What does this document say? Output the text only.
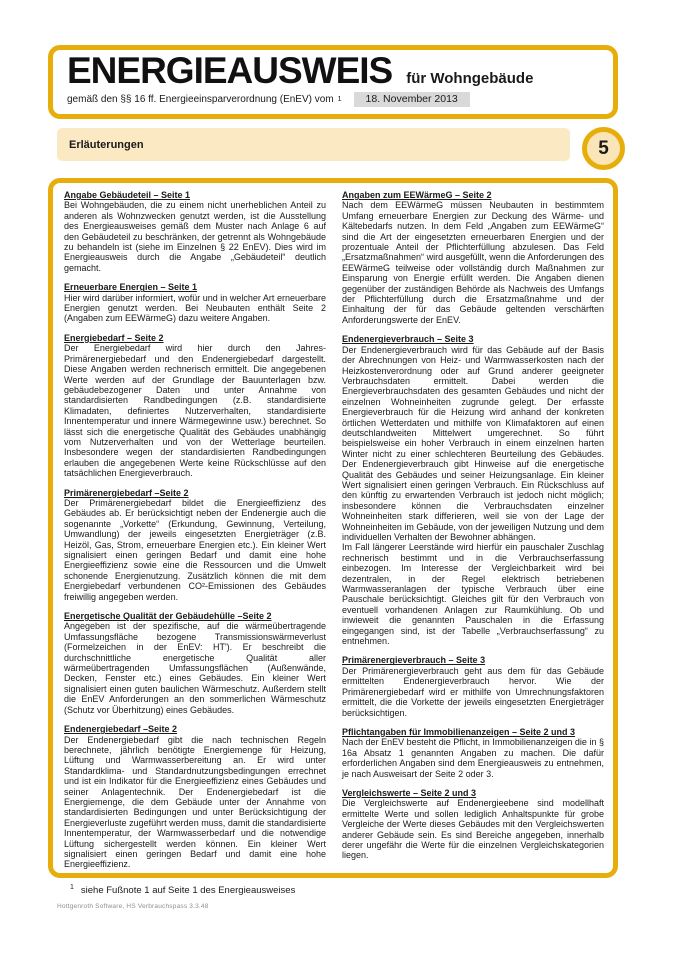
ENERGIEAUSWEIS für Wohngebäude
gemäß den §§ 16 ff. Energieeinsparverordnung (EnEV) vom 1	18. November 2013
Erläuterungen	5
Angabe Gebäudeteil – Seite 1

Bei Wohngebäuden, die zu einem nicht unerheblichen Anteil zu anderen als Wohnzwecken genutzt werden, ist die Ausstellung des Energieausweises gemäß dem Muster nach Anlage 6 auf den Gebäudeteil zu beschränken, der getrennt als Wohngebäude zu behandeln ist (siehe im Einzelnen § 22 EnEV). Dies wird im Energieausweis durch die Angabe „Gebäudeteil“ deutlich gemacht.

Erneuerbare Energien – Seite 1

Hier wird darüber informiert, wofür und in welcher Art erneuerbare Energien genutzt werden. Bei Neubauten enthält Seite 2 (Angaben zum EEWärmeG) dazu weitere Angaben.

Energiebedarf – Seite 2

Der Energiebedarf wird hier durch den Jahres-Primärenergiebedarf und den Endenergiebedarf dargestellt. Diese Angaben werden rechnerisch ermittelt. Die angegebenen Werte werden auf der Grundlage der Bauunterlagen bzw. gebäudebezogener Daten und unter Annahme von standardisierten Randbedingungen (z.B. standardisierte Klimadaten, definiertes Nutzerverhalten, standardisierte Innentemperatur und innere Wärmegewinne usw.) berechnet. So lässt sich die energetische Qualität des Gebäudes unabhängig vom Nutzerverhalten und von der Wetterlage beurteilen. Insbesondere wegen der standardisierten Randbedingungen erlauben die angegebenen Werte keine Rückschlüsse auf den tatsächlichen Energieverbrauch.

Primärenergiebedarf –Seite 2

Der Primärenergiebedarf bildet die Energieeffizienz des Gebäudes ab. Er berücksichtigt neben der Endenergie auch die sogenannte „Vorkette“ (Erkundung, Gewinnung, Verteilung, Umwandlung) der jeweils eingesetzten Energieträger (z.B. Heizöl, Gas, Strom, erneuerbare Energien etc.). Ein kleiner Wert signalisiert einen geringen Bedarf und damit eine hohe Energieeffizienz sowie eine die Ressourcen und die Umwelt schonende Energienutzung. Zusätzlich können die mit dem Energiebedarf verbundenen CO²-Emissionen des Gebäudes freiwillig angegeben werden.

Energetische Qualität der Gebäudehülle –Seite 2

Angegeben ist der spezifische, auf die wärmeübertragende Umfassungsfläche bezogene Transmissionswärmeverlust (Formelzeichen in der EnEV: HT'). Er beschreibt die durchschnittliche energetische Qualität aller wärmeübertragenden Umfassungsflächen (Außenwände, Decken, Fenster etc.) eines Gebäudes. Ein kleiner Wert signalisiert einen guten baulichen Wärmeschutz. Außerdem stellt die EnEV Anforderungen an den sommerlichen Wärmeschutz (Schutz vor Überhitzung) eines Gebäudes.

Endenergiebedarf –Seite 2

Der Endenergiebedarf gibt die nach technischen Regeln berechnete, jährlich benötigte Energiemenge für Heizung, Lüftung und Warmwasserbereitung an. Er wird unter Standardklima- und Standardnutzungsbedingungen errechnet und ist ein Indikator für die Energieeffizienz eines Gebäudes und seiner Anlagentechnik. Der Endenergiebedarf ist die Energiemenge, die dem Gebäude unter der Annahme von standardisierten Bedingungen und unter Berücksichtigung der Energieverluste zugeführt werden muss, damit die standardisierte Innentemperatur, der Warmwasserbedarf und die notwendige Lüftung sichergestellt werden können. Ein kleiner Wert signalisiert einen geringen Bedarf und damit eine hohe Energieeffizienz.

Angaben zum EEWärmeG – Seite 2

Nach dem EEWärmeG müssen Neubauten in bestimmtem Umfang erneuerbare Energien zur Deckung des Wärme- und Kältebedarfs nutzen. In dem Feld „Angaben zum EEWärmeG“ sind die Art der eingesetzten erneuerbaren Energien und der prozentuale Anteil der Pflichterfüllung abzulesen. Das Feld „Ersatzmaßnahmen“ wird ausgefüllt, wenn die Anforderungen des EEWärmeG teilweise oder vollständig durch Maßnahmen zur Einsparung von Energie erfüllt werden. Die Angaben dienen gegenüber der zuständigen Behörde als Nachweis des Umfangs der Pflichterfüllung durch die Ersatzmaßnahme und der Einhaltung der für das Gebäude geltenden verschärften Anforderungswerte der EnEV.

Endenergieverbrauch – Seite 3

Der Endenergieverbrauch wird für das Gebäude auf der Basis der Abrechnungen von Heiz- und Warmwasserkosten nach der Heizkostenverordnung oder auf Grund anderer geeigneter Verbrauchsdaten ermittelt. Dabei werden die Energieverbrauchsdaten des gesamten Gebäudes und nicht der einzelnen Wohneinheiten zugrunde gelegt. Der erfasste Energieverbrauch für die Heizung wird anhand der konkreten örtlichen Wetterdaten und mithilfe von Klimafaktoren auf einen deutschlandweiten Mittelwert umgerechnet. So führt beispielsweise ein hoher Verbrauch in einem einzelnen harten Winter nicht zu einer schlechteren Beurteilung des Gebäudes. Der Endenergieverbrauch gibt Hinweise auf die energetische Qualität des Gebäudes und seiner Heizungsanlage. Ein kleiner Wert signalisiert einen geringen Verbrauch. Ein Rückschluss auf den künftig zu erwartenden Verbrauch ist jedoch nicht möglich; insbesondere können die Verbrauchsdaten einzelner Wohneinheiten stark differieren, weil sie von der Lage der Wohneinheiten im Gebäude, von der jeweiligen Nutzung und dem individuellen Verhalten der Bewohner abhängen.

Im Fall längerer Leerstände wird hierfür ein pauschaler Zuschlag rechnerisch bestimmt und in die Verbrauchserfassung einbezogen. Im Interesse der Vergleichbarkeit wird bei dezentralen, in der Regel elektrisch betriebenen Warmwasseranlagen der typische Verbrauch über eine Pauschale berücksichtigt. Gleiches gilt für den Verbrauch von eventuell vorhandenen Anlagen zur Raumkühlung. Ob und inwieweit die genannten Pauschalen in die Erfassung eingegangen sind, ist der Tabelle „Verbrauchserfassung“ zu entnehmen.

Primärenergieverbrauch – Seite 3

Der Primärenergieverbrauch geht aus dem für das Gebäude ermittelten Endenergieverbrauch hervor. Wie der Primärenergiebedarf wird er mithilfe von Umrechnungsfaktoren ermittelt, die die Vorkette der jeweils eingesetzten Energieträger berücksichtigen.

Pflichtangaben für Immobilienanzeigen – Seite 2 und 3

Nach der EnEV besteht die Pflicht, in Immobilienanzeigen die in § 16a Absatz 1 genannten Angaben zu machen. Die dafür erforderlichen Angaben sind dem Energieausweis zu entnehmen, je nach Ausweisart der Seite 2 oder 3.

Vergleichswerte – Seite 2 und 3

Die Vergleichswerte auf Endenergieebene sind modellhaft ermittelte Werte und sollen lediglich Anhaltspunkte für grobe Vergleiche der Werte dieses Gebäudes mit den Vergleichswerten anderer Gebäude sein. Es sind Bereiche angegeben, innerhalb derer ungefähr die Werte für die einzelnen Vergleichskategorien liegen.

$^1$ siehe Fußnote 1 auf Seite 1 des Energieausweises
Hottgenroth Software, HS Verbrauchspass 3.3.48
